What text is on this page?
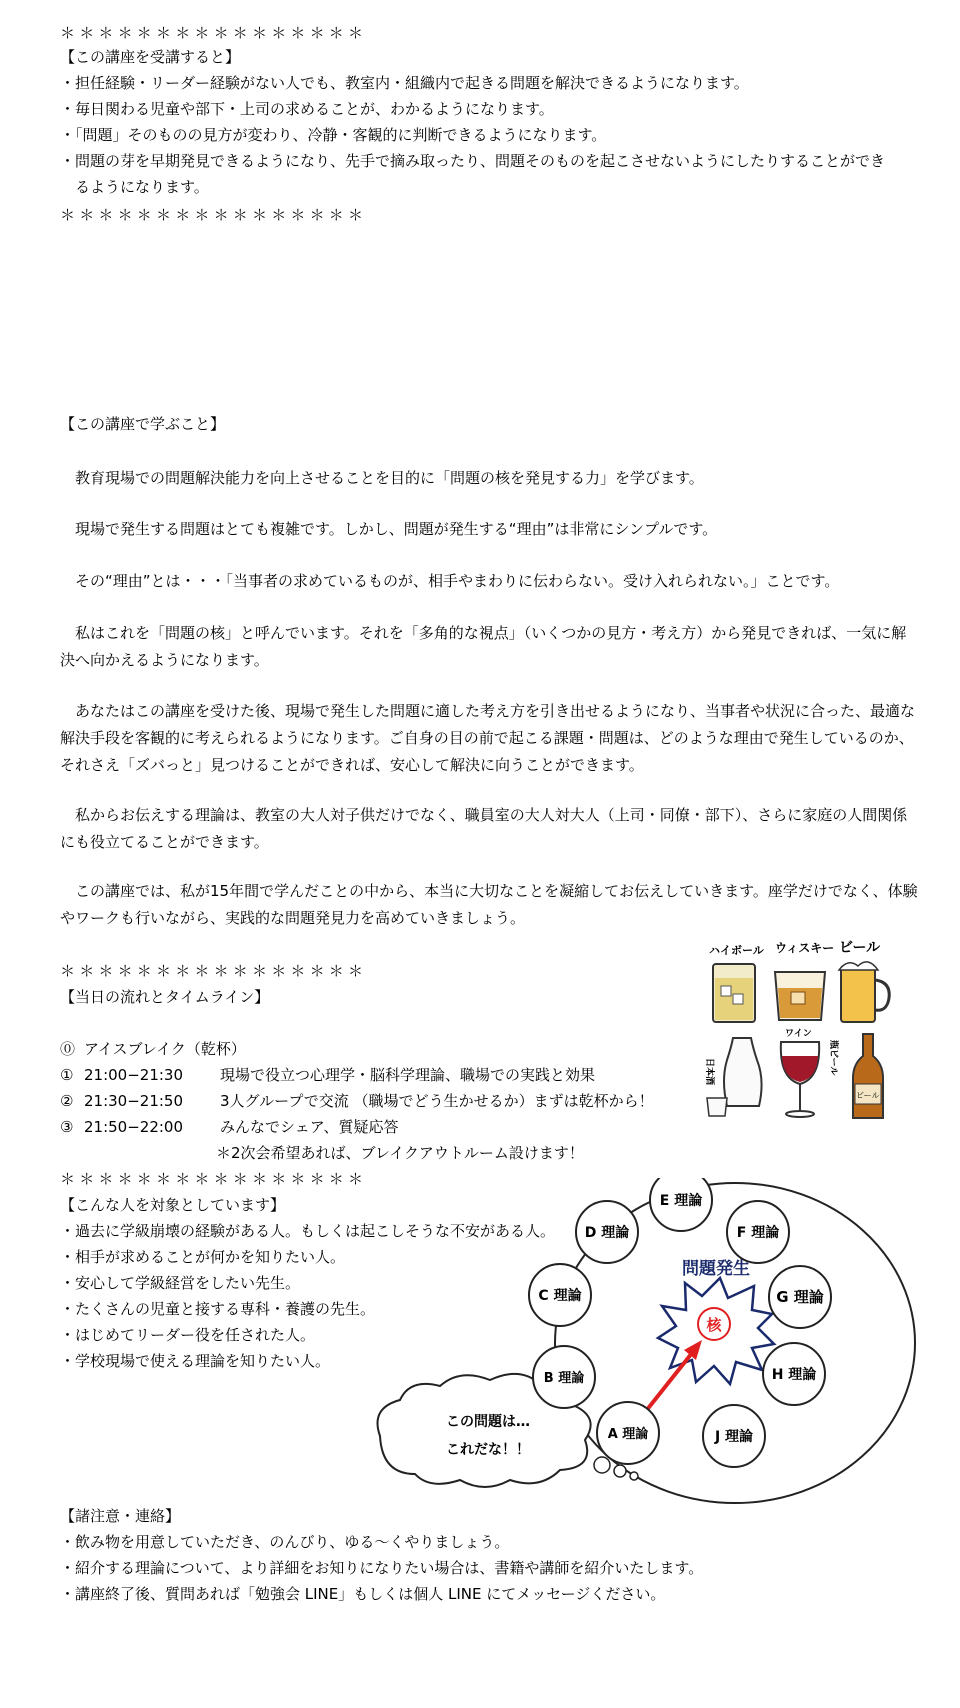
＊＊＊＊＊＊＊＊＊＊＊＊＊＊＊＊
【この講座を受講すると】
・担任経験・リーダー経験がない人でも、教室内・組織内で起きる問題を解決できるようになります。
・毎日関わる児童や部下・上司の求めることが、わかるようになります。
・「問題」そのものの見方が変わり、冷静・客観的に判断できるようになります。
・問題の芽を早期発見できるようになり、先手で摘み取ったり、問題そのものを起こさせないようにしたりすることができ
　るようになります。
＊＊＊＊＊＊＊＊＊＊＊＊＊＊＊＊
【この講座で学ぶこと】
　教育現場での問題解決能力を向上させることを目的に「問題の核を発見する力」を学びます。
　現場で発生する問題はとても複雑です。しかし、問題が発生する“理由”は非常にシンプルです。
　その“理由”とは・・・「当事者の求めているものが、相手やまわりに伝わらない。受け入れられない。」ことです。
　私はこれを「問題の核」と呼んでいます。それを「多角的な視点」（いくつかの見方・考え方）から発見できれば、一気に解決へ向かえるようになります。
　あなたはこの講座を受けた後、現場で発生した問題に適した考え方を引き出せるようになり、当事者や状況に合った、最適な解決手段を客観的に考えられるようになります。ご自身の目の前で起こる課題・問題は、どのような理由で発生しているのか、それさえ「ズバっと」見つけることができれば、安心して解決に向うことができます。
　私からお伝えする理論は、教室の大人対子供だけでなく、職員室の大人対大人（上司・同僚・部下）、さらに家庭の人間関係にも役立てることができます。
　この講座では、私が15年間で学んだことの中から、本当に大切なことを凝縮してお伝えしていきます。座学だけでなく、体験やワークも行いながら、実践的な問題発見力を高めていきましょう。
＊＊＊＊＊＊＊＊＊＊＊＊＊＊＊＊
【当日の流れとタイムライン】
⓪ アイスブレイク（乾杯）
① 21:00−21:30 現場で役立つ心理学・脳科学理論、職場での実践と効果
② 21:30−21:50 3人グループで交流 （職場でどう生かせるか）まずは乾杯から！
③ 21:50−22:00 みんなでシェア、質疑応答
＊2次会希望あれば、ブレイクアウトルーム設けます！
ハイボール ウィスキー ビール
日本酒
ワイン
瓶ビール
ビール
＊＊＊＊＊＊＊＊＊＊＊＊＊＊＊＊
【こんな人を対象としています】
・過去に学級崩壊の経験がある人。もしくは起こしそうな不安がある人。
・相手が求めることが何かを知りたい人。
・安心して学級経営をしたい先生。
・たくさんの児童と接する専科・養護の先生。
・はじめてリーダー役を任された人。
・学校現場で使える理論を知りたい人。
この問題は…
これだな！！
問題発生
核
A 理論
B 理論
C 理論
D 理論
E 理論
F 理論
G 理論
H 理論
J 理論
【諸注意・連絡】
・飲み物を用意していただき、のんびり、ゆる〜くやりましょう。
・紹介する理論について、より詳細をお知りになりたい場合は、書籍や講師を紹介いたします。
・講座終了後、質問あれば「勉強会 LINE」もしくは個人 LINE にてメッセージください。
